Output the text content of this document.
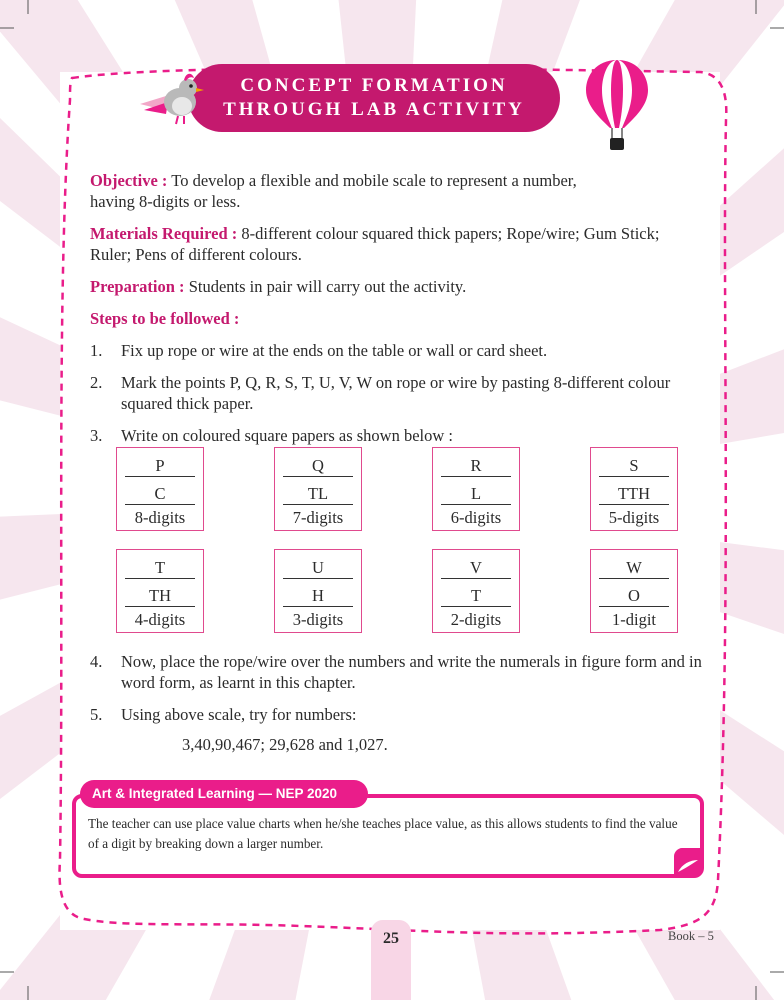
CONCEPT FORMATION
THROUGH LAB ACTIVITY

Objective : To develop a flexible and mobile scale to represent a number,
having 8-digits or less.

Materials Required : 8-different colour squared thick papers; Rope/wire; Gum Stick;
Ruler; Pens of different colours.

Preparation : Students in pair will carry out the activity.

Steps to be followed :

1.	Fix up rope or wire at the ends on the table or wall or card sheet.
2.	Mark the points P, Q, R, S, T, U, V, W on rope or wire by pasting 8-different colour squared thick paper.
3.	Write on coloured square papers as shown below :
P
C
8-digits
Q
TL
7-digits
R
L
6-digits
S
TTH
5-digits
T
TH
4-digits
U
H
3-digits
V
T
2-digits
W
O
1-digit
4.	Now, place the rope/wire over the numbers and write the numerals in figure form and in word form, as learnt in this chapter.
5.	Using above scale, try for numbers:
3,40,90,467; 29,628 and 1,027.
Art & Integrated Learning — NEP 2020
The teacher can use place value charts when he/she teaches place value, as this allows students to find the value of a digit by breaking down a larger number.
25	Book – 5
